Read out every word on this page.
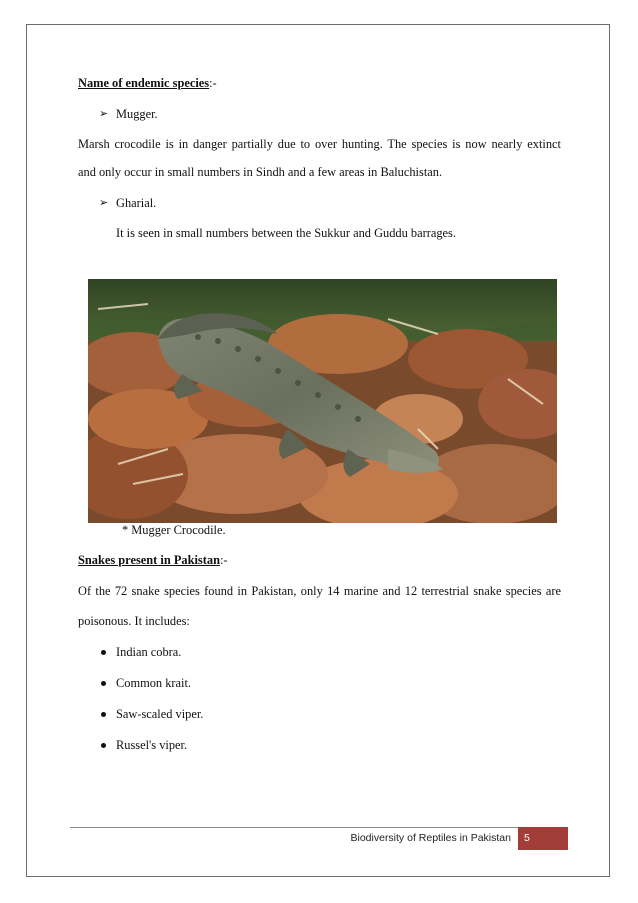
Name of endemic species:-
➢ Mugger.
Marsh crocodile is in danger partially due to over hunting. The species is now nearly extinct
and only occur in small numbers in Sindh and a few areas in Baluchistan.
➢ Gharial.
It is seen in small numbers between the Sukkur and Guddu barrages.
* Mugger Crocodile.
Snakes present in Pakistan:-
Of the 72 snake species found in Pakistan, only 14 marine and 12 terrestrial snake species are
poisonous. It includes:
Indian cobra.
Common krait.
Saw-scaled viper.
Russel's viper.
Biodiversity of Reptiles in Pakistan	5
